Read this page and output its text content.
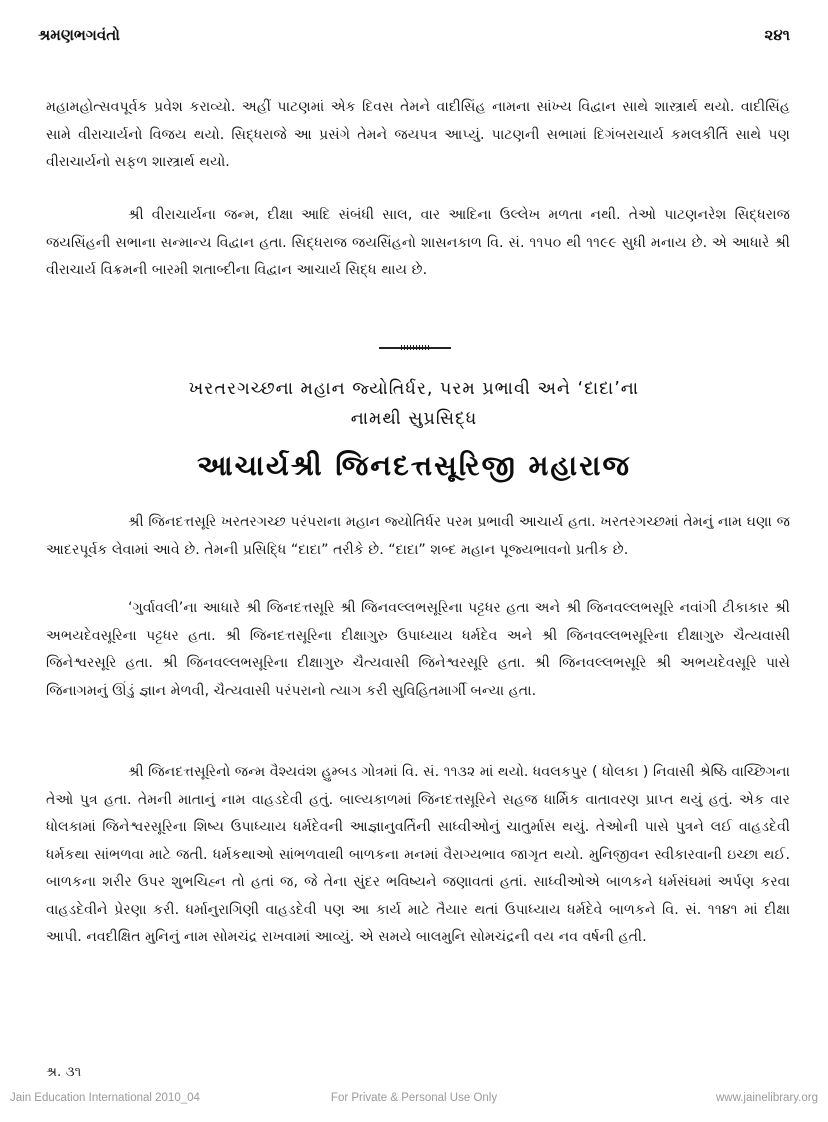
શ્રમણભગવંતો	૨૪૧

મહામહોત્સવપૂર્વક પ્રવેશ કરાવ્યો. અહીં પાટણમાં એક દિવસ તેમને વાદીસિંહ નામના સાંખ્ય વિદ્વાન સાથે શાસ્ત્રાર્થ થયો. વાદીસિંહ સામે વીરાચાર્યનો વિજય થયો. સિદ્ધરાજે આ પ્રસંગે તેમને જયપત્ર આપ્યું. પાટણની સભામાં દિગંબરાચાર્ય કમલકીર્તિ સાથે પણ વીરાચાર્યનો સફળ શાસ્ત્રાર્થ થયો.

શ્રી વીરાચાર્યના જન્મ, દીક્ષા આદિ સંબંધી સાલ, વાર આદિના ઉલ્લેખ મળતા નથી. તેઓ પાટણનરેશ સિદ્ધરાજ જયસિંહની સભાના સન્માન્ય વિદ્વાન હતા. સિદ્ધરાજ જયસિંહનો શાસનકાળ વિ. સં. ૧૧૫૦ થી ૧૧૯૯ સુધી મનાય છે. એ આધારે શ્રી વીરાચાર્ય વિક્રમની બારમી શતાબ્દીના વિદ્વાન આચાર્ય સિદ્ધ થાય છે.

ખરતરગચ્છના મહાન જ્યોતિર્ધર, પરમ પ્રભાવી અને ‘દાદા’ના
નામથી સુપ્રસિદ્ધ
આચાર્યશ્રી જિનદત્તસૂરિજી મહારાજ

શ્રી જિનદત્તસૂરિ ખરતરગચ્છ પરંપરાના મહાન જ્યોતિર્ધર પરમ પ્રભાવી આચાર્ય હતા. ખરતરગચ્છમાં તેમનું નામ ઘણા જ આદરપૂર્વક લેવામાં આવે છે. તેમની પ્રસિદ્ધિ “દાદા” તરીકે છે. “દાદા” શબ્દ મહાન પૂજ્યભાવનો પ્રતીક છે.

‘ગુર્વાવલી’ના આધારે શ્રી જિનદત્તસૂરિ શ્રી જિનવલ્લભસૂરિના પટ્ટધર હતા અને શ્રી જિનવલ્લભસૂરિ નવાંગી ટીકાકાર શ્રી અભયદેવસૂરિના પટ્ટધર હતા. શ્રી જિનદત્તસૂરિના દીક્ષાગુરુ ઉપાધ્યાય ધર્મદેવ અને શ્રી જિનવલ્લભસૂરિના દીક્ષાગુરુ ચૈત્યવાસી જિનેશ્વરસૂરિ હતા. શ્રી જિનવલ્લભસૂરિના દીક્ષાગુરુ ચૈત્યવાસી જિનેશ્વરસૂરિ હતા. શ્રી જિનવલ્લભસૂરિ શ્રી અભયદેવસૂરિ પાસે જિનાગમનું ઊંડું જ્ઞાન મેળવી, ચૈત્યવાસી પરંપરાનો ત્યાગ કરી સુવિહિતમાર્ગી બન્યા હતા.

શ્રી જિનદત્તસૂરિનો જન્મ વૈશ્યવંશ હુમ્બડ ગોત્રમાં વિ. સં. ૧૧૩૨ માં થયો. ધવલકપુર ( ધોલકા ) નિવાસી શ્રેષ્ઠિ વાચ્છિગના તેઓ પુત્ર હતા. તેમની માતાનું નામ વાહડદેવી હતું. બાલ્યકાળમાં જિનદત્તસૂરિને સહજ ધાર્મિક વાતાવરણ પ્રાપ્ત થયું હતું. એક વાર ધોલકામાં જિનેશ્વરસૂરિના શિષ્ય ઉપાધ્યાય ધર્મદેવની આજ્ઞાનુવર્તિની સાધ્વીઓનું ચાતુર્માસ થયું. તેઓની પાસે પુત્રને લઈ વાહડદેવી ધર્મકથા સાંભળવા માટે જતી. ધર્મકથાઓ સાંભળવાથી બાળકના મનમાં વૈરાગ્યભાવ જાગૃત થયો. મુનિજીવન સ્વીકારવાની ઇચ્છા થઈ. બાળકના શરીર ઉપર શુભચિહ્ન તો હતાં જ, જે તેના સુંદર ભવિષ્યને જણાવતાં હતાં. સાધ્વીઓએ બાળકને ધર્મસંઘમાં અર્પણ કરવા વાહડદેવીને પ્રેરણા કરી. ધર્માનુરાગિણી વાહડદેવી પણ આ કાર્ય માટે તૈયાર થતાં ઉપાધ્યાય ધર્મદેવે બાળકને વિ. સં. ૧૧૪૧ માં દીક્ષા આપી. નવદીક્ષિત મુનિનું નામ સોમચંદ્ર રાખવામાં આવ્યું. એ સમયે બાલમુનિ સોમચંદ્રની વય નવ વર્ષની હતી.

શ્ર. ૩૧
Jain Education International 2010_04	For Private & Personal Use Only	www.jainelibrary.org
